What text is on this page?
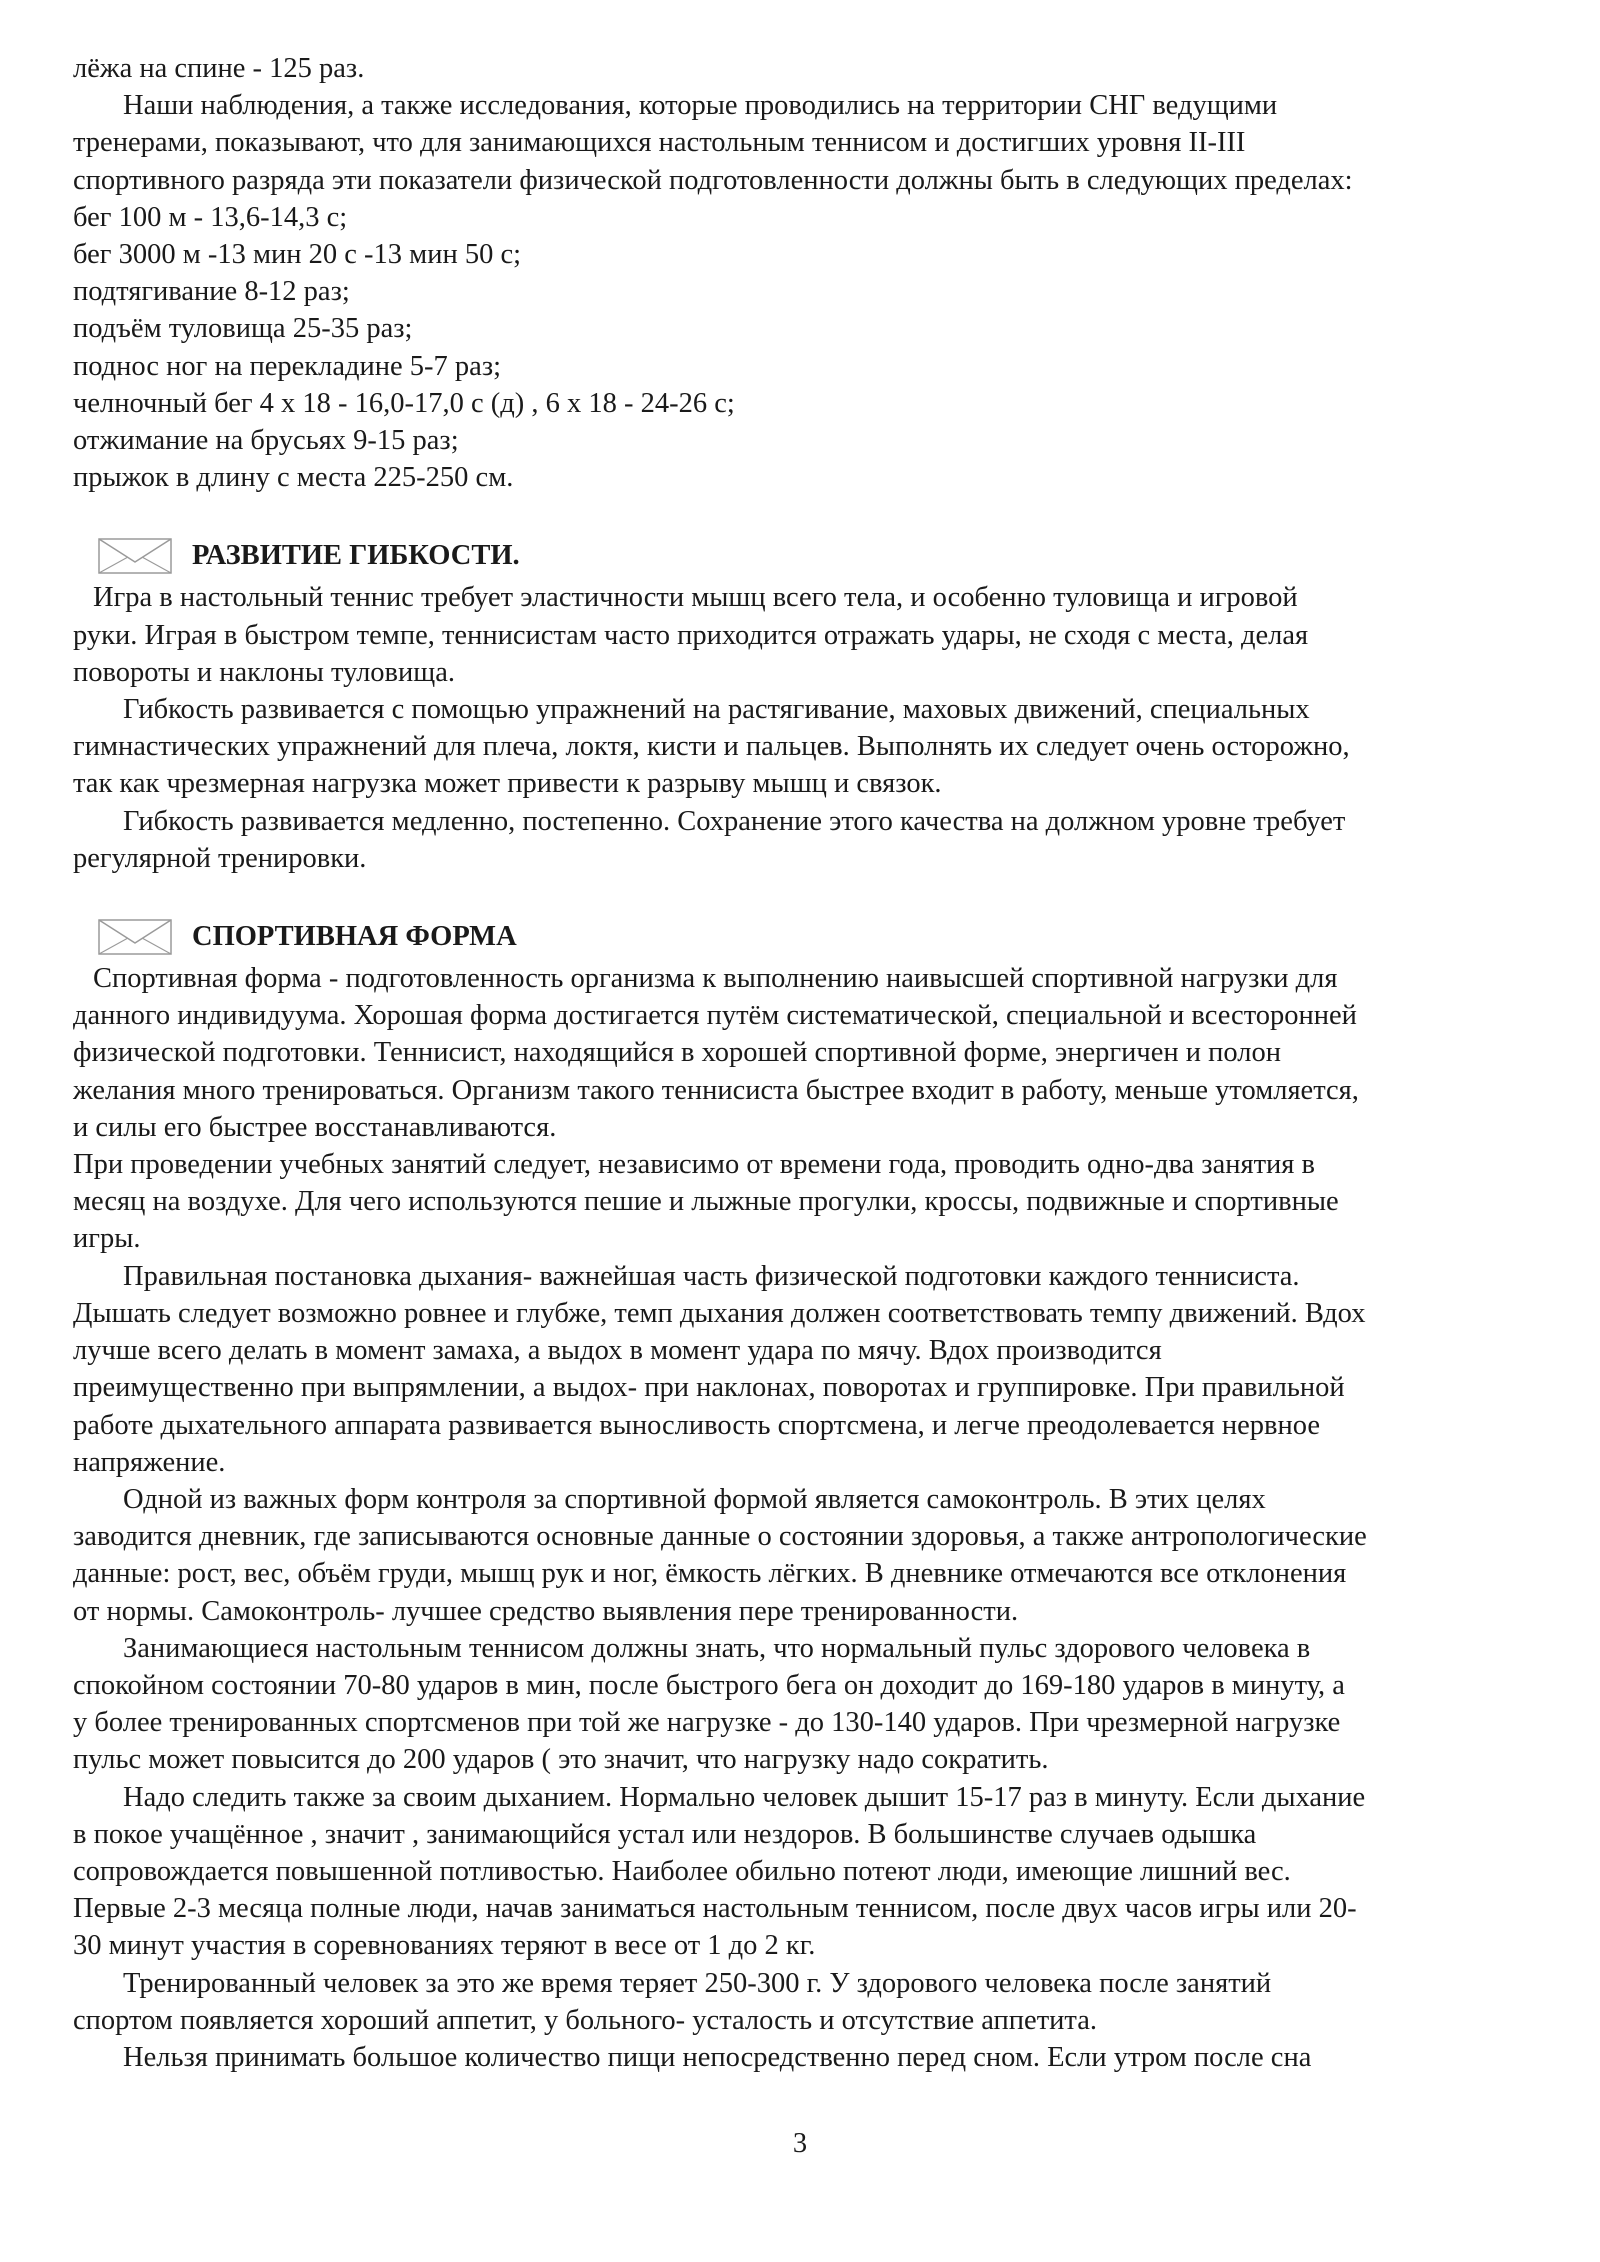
лёжа на спине - 125 раз.

Наши наблюдения, а также исследования, которые проводились на территории СНГ ведущими

тренерами, показывают, что для занимающихся настольным теннисом и достигших уровня II-III

спортивного разряда эти показатели физической подготовленности должны быть в следующих пределах:

бег 100 м - 13,6-14,3 с;

бег 3000 м -13 мин 20 с -13 мин 50 с;

подтягивание 8-12 раз;

подъём туловища 25-35 раз;

поднос ног на перекладине 5-7 раз;

челночный бег 4 х 18 - 16,0-17,0 с (д) , 6 х 18 - 24-26 с;

отжимание на брусьях 9-15 раз;

прыжок в длину с места 225-250 см.

РАЗВИТИЕ ГИБКОСТИ.

Игра в настольный теннис требует эластичности мышц всего тела, и особенно туловища и игровой

руки. Играя в быстром темпе, теннисистам часто приходится отражать удары, не сходя с места, делая

повороты и наклоны туловища.

Гибкость развивается с помощью упражнений на растягивание, маховых движений, специальных

гимнастических упражнений для плеча, локтя, кисти и пальцев. Выполнять их следует очень осторожно,

так как чрезмерная нагрузка может привести к разрыву мышц и связок.

Гибкость развивается медленно, постепенно. Сохранение этого качества на должном уровне требует

регулярной тренировки.

СПОРТИВНАЯ ФОРМА

Спортивная форма - подготовленность организма к выполнению наивысшей спортивной нагрузки для

данного индивидуума. Хорошая форма достигается путём систематической, специальной и всесторонней

физической подготовки. Теннисист, находящийся в хорошей спортивной форме, энергичен и полон

желания много тренироваться. Организм такого теннисиста быстрее входит в работу, меньше утомляется,

и силы его быстрее восстанавливаются.

При проведении учебных занятий следует, независимо от времени года, проводить одно-два занятия в

месяц на воздухе. Для чего используются пешие и лыжные прогулки, кроссы, подвижные и спортивные

игры.

Правильная постановка дыхания- важнейшая часть физической подготовки каждого теннисиста.

Дышать следует возможно ровнее и глубже, темп дыхания должен соответствовать темпу движений. Вдох

лучше всего делать в момент замаха, а выдох в момент удара по мячу. Вдох производится

преимущественно при выпрямлении, а выдох- при наклонах, поворотах и группировке. При правильной

работе дыхательного аппарата развивается выносливость спортсмена, и легче преодолевается нервное

напряжение.

Одной из важных форм контроля за спортивной формой является самоконтроль. В этих целях

заводится дневник, где записываются основные данные о состоянии здоровья, а также антропологические

данные: рост, вес, объём груди, мышц рук и ног, ёмкость лёгких. В дневнике отмечаются все отклонения

от нормы. Самоконтроль- лучшее средство выявления пере тренированности.

Занимающиеся настольным теннисом должны знать, что нормальный пульс здорового человека в

спокойном состоянии 70-80 ударов в мин, после быстрого бега он доходит до 169-180 ударов в минуту, а

у более тренированных спортсменов при той же нагрузке - до 130-140 ударов. При чрезмерной нагрузке

пульс может повысится до 200 ударов ( это значит, что нагрузку надо сократить.

Надо следить также за своим дыханием. Нормально человек дышит 15-17 раз в минуту. Если дыхание

в покое учащённое , значит , занимающийся устал или нездоров. В большинстве случаев одышка

сопровождается повышенной потливостью. Наиболее обильно потеют люди, имеющие лишний вес.

Первые 2-3 месяца полные люди, начав заниматься настольным теннисом, после двух часов игры или 20-

30 минут участия в соревнованиях теряют в весе от 1 до 2 кг.

Тренированный человек за это же время теряет 250-300 г. У здорового человека после занятий

спортом появляется хороший аппетит, у больного- усталость и отсутствие аппетита.

Нельзя принимать большое количество пищи непосредственно перед сном. Если утром после сна

3
